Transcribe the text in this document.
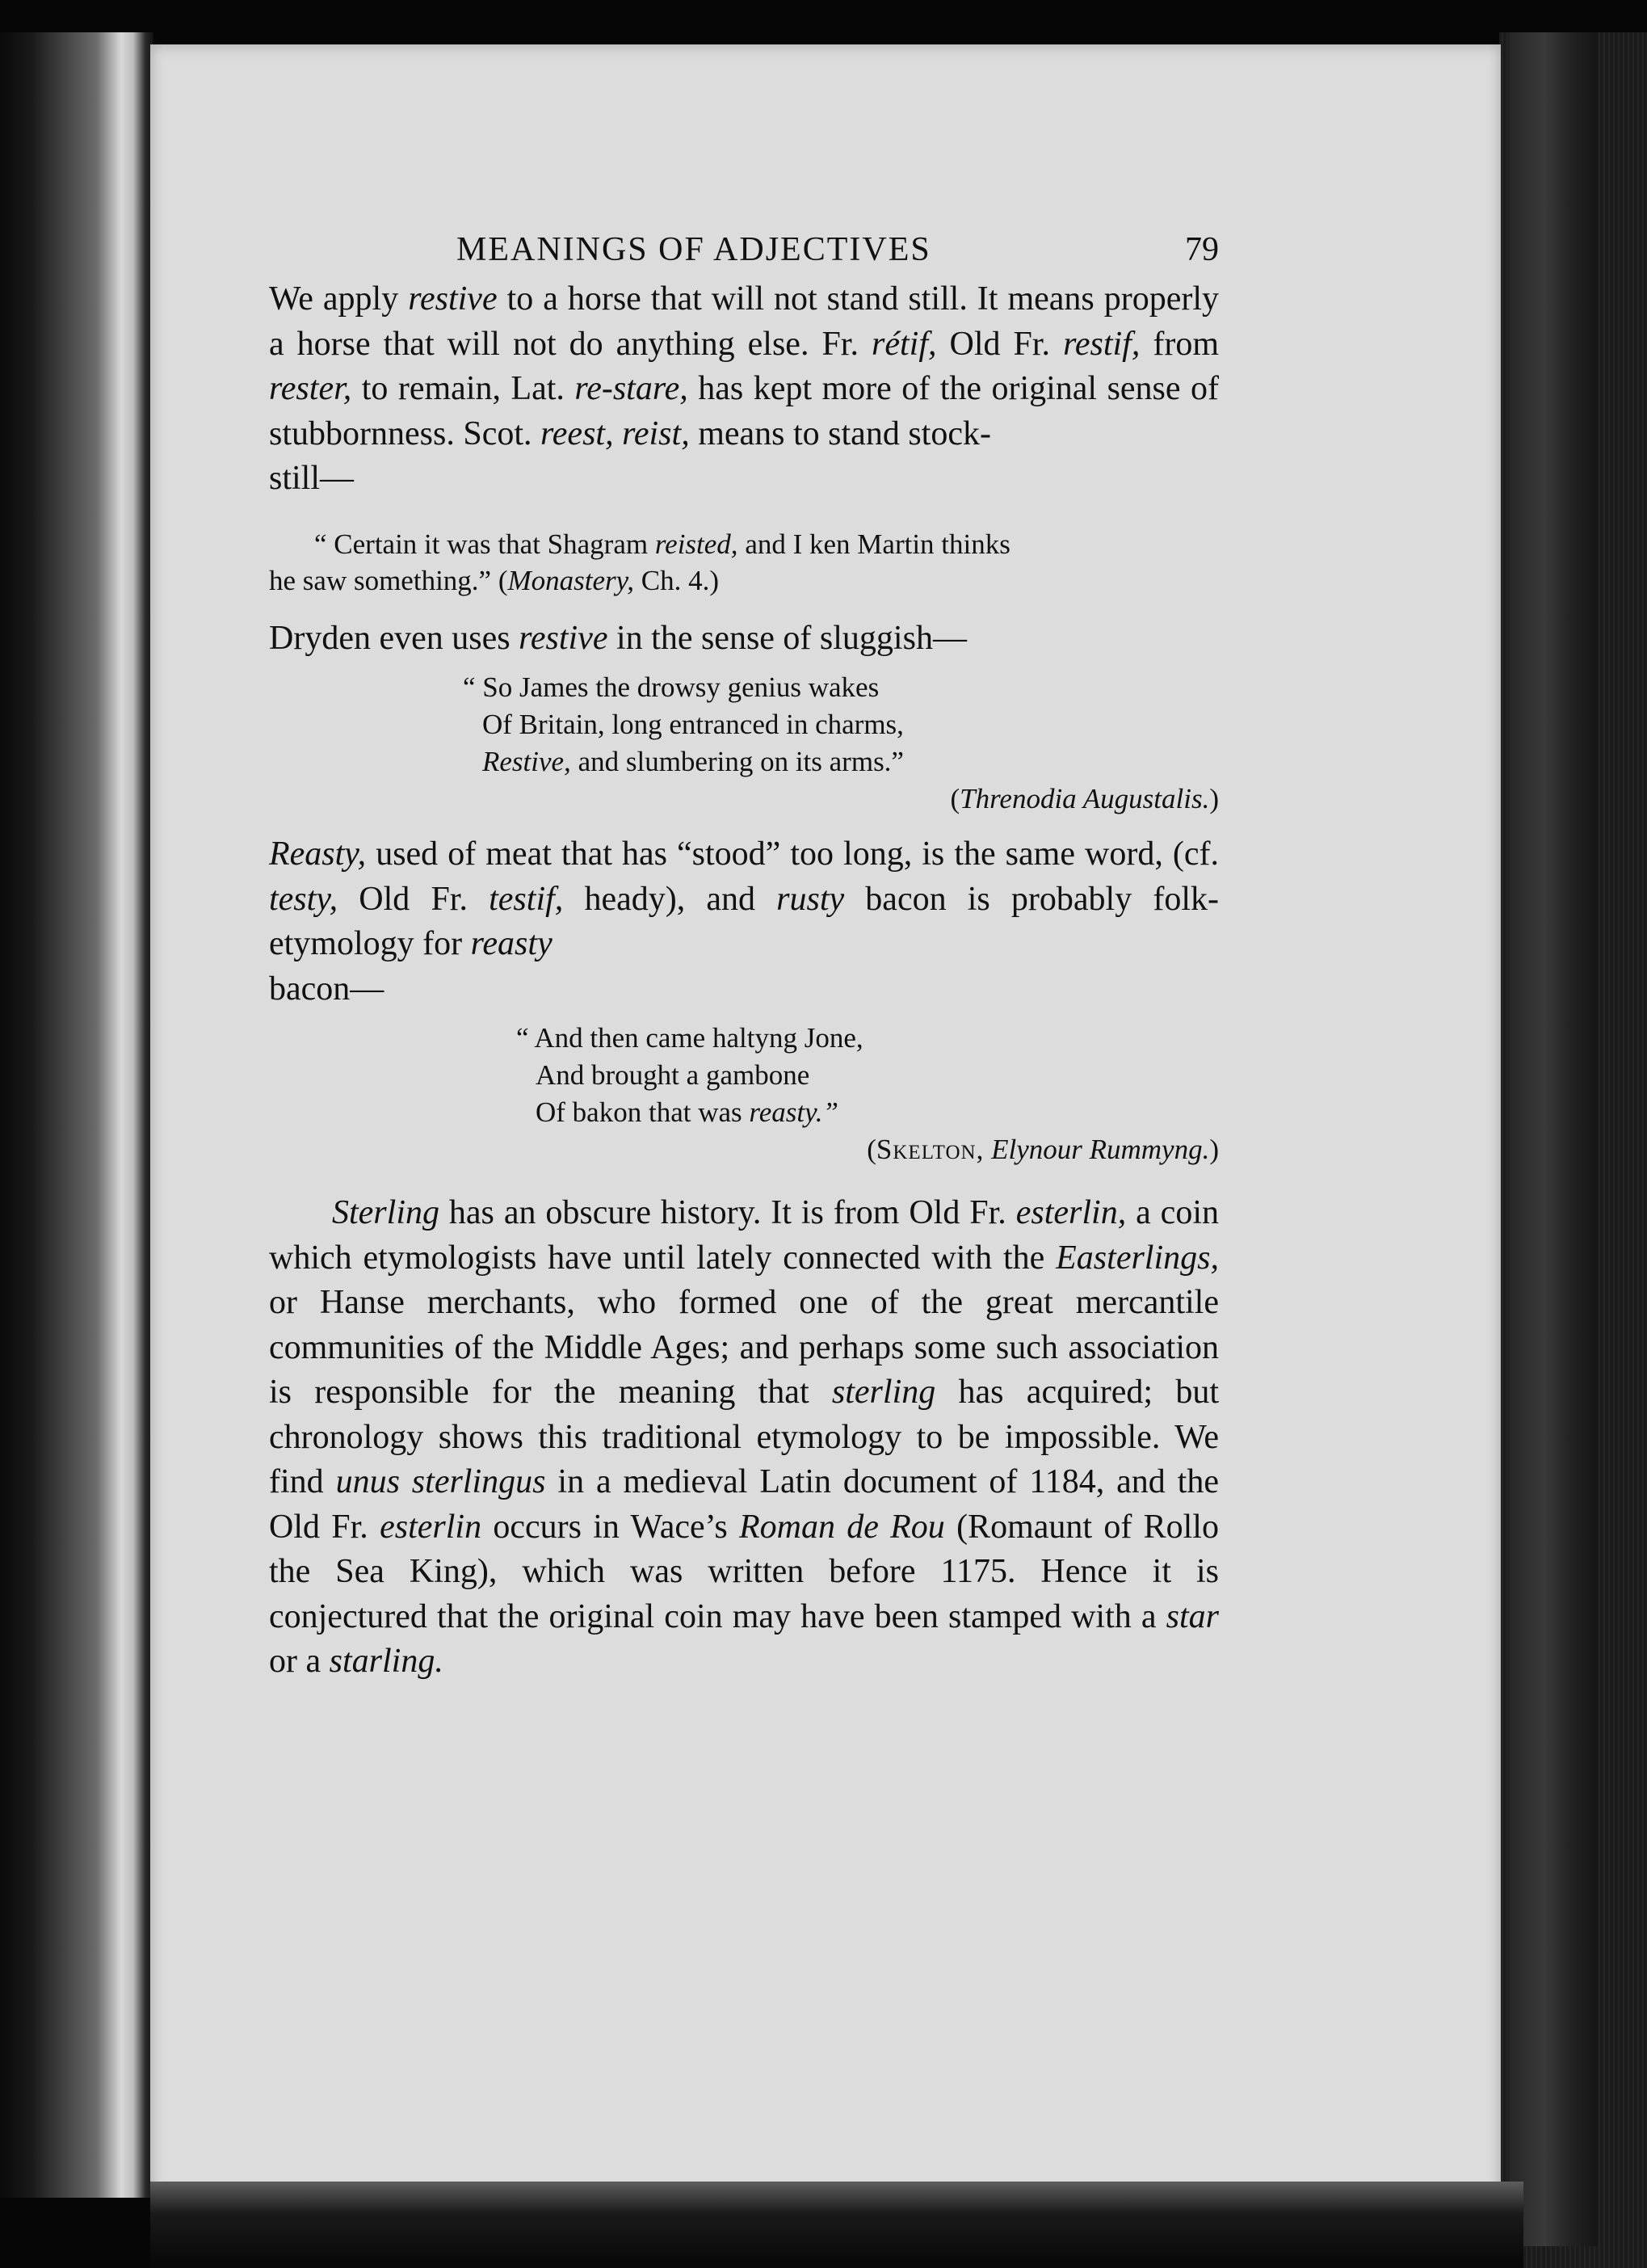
MEANINGS OF ADJECTIVES	79

We apply restive to a horse that will not stand still. It means properly a horse that will not do anything else. Fr. rétif, Old Fr. restif, from rester, to remain, Lat. re-stare, has kept more of the original sense of stubbornness. Scot. reest, reist, means to stand stock-
still—

“ Certain it was that Shagram reisted, and I ken Martin thinks
he saw something.” (Monastery, Ch. 4.)

Dryden even uses restive in the sense of sluggish—

“ So James the drowsy genius wakes
Of Britain, long entranced in charms,
Restive, and slumbering on its arms.”
(Threnodia Augustalis.)

Reasty, used of meat that has “stood” too long, is the same word, (cf. testy, Old Fr. testif, heady), and rusty bacon is probably folk-etymology for reasty
bacon—

“ And then came haltyng Jone,
And brought a gambone
Of bakon that was reasty.”
(Skelton, Elynour Rummyng.)

Sterling has an obscure history. It is from Old Fr. esterlin, a coin which etymologists have until lately connected with the Easterlings, or Hanse merchants, who formed one of the great mercantile communities of the Middle Ages; and perhaps some such association is responsible for the meaning that sterling has acquired; but chronology shows this traditional etymology to be impossible. We find unus sterlingus in a medieval Latin document of 1184, and the Old Fr. esterlin occurs in Wace’s Roman de Rou (Romaunt of Rollo the Sea King), which was written before 1175. Hence it is conjectured that the original coin may have been stamped with a star or a starling.
